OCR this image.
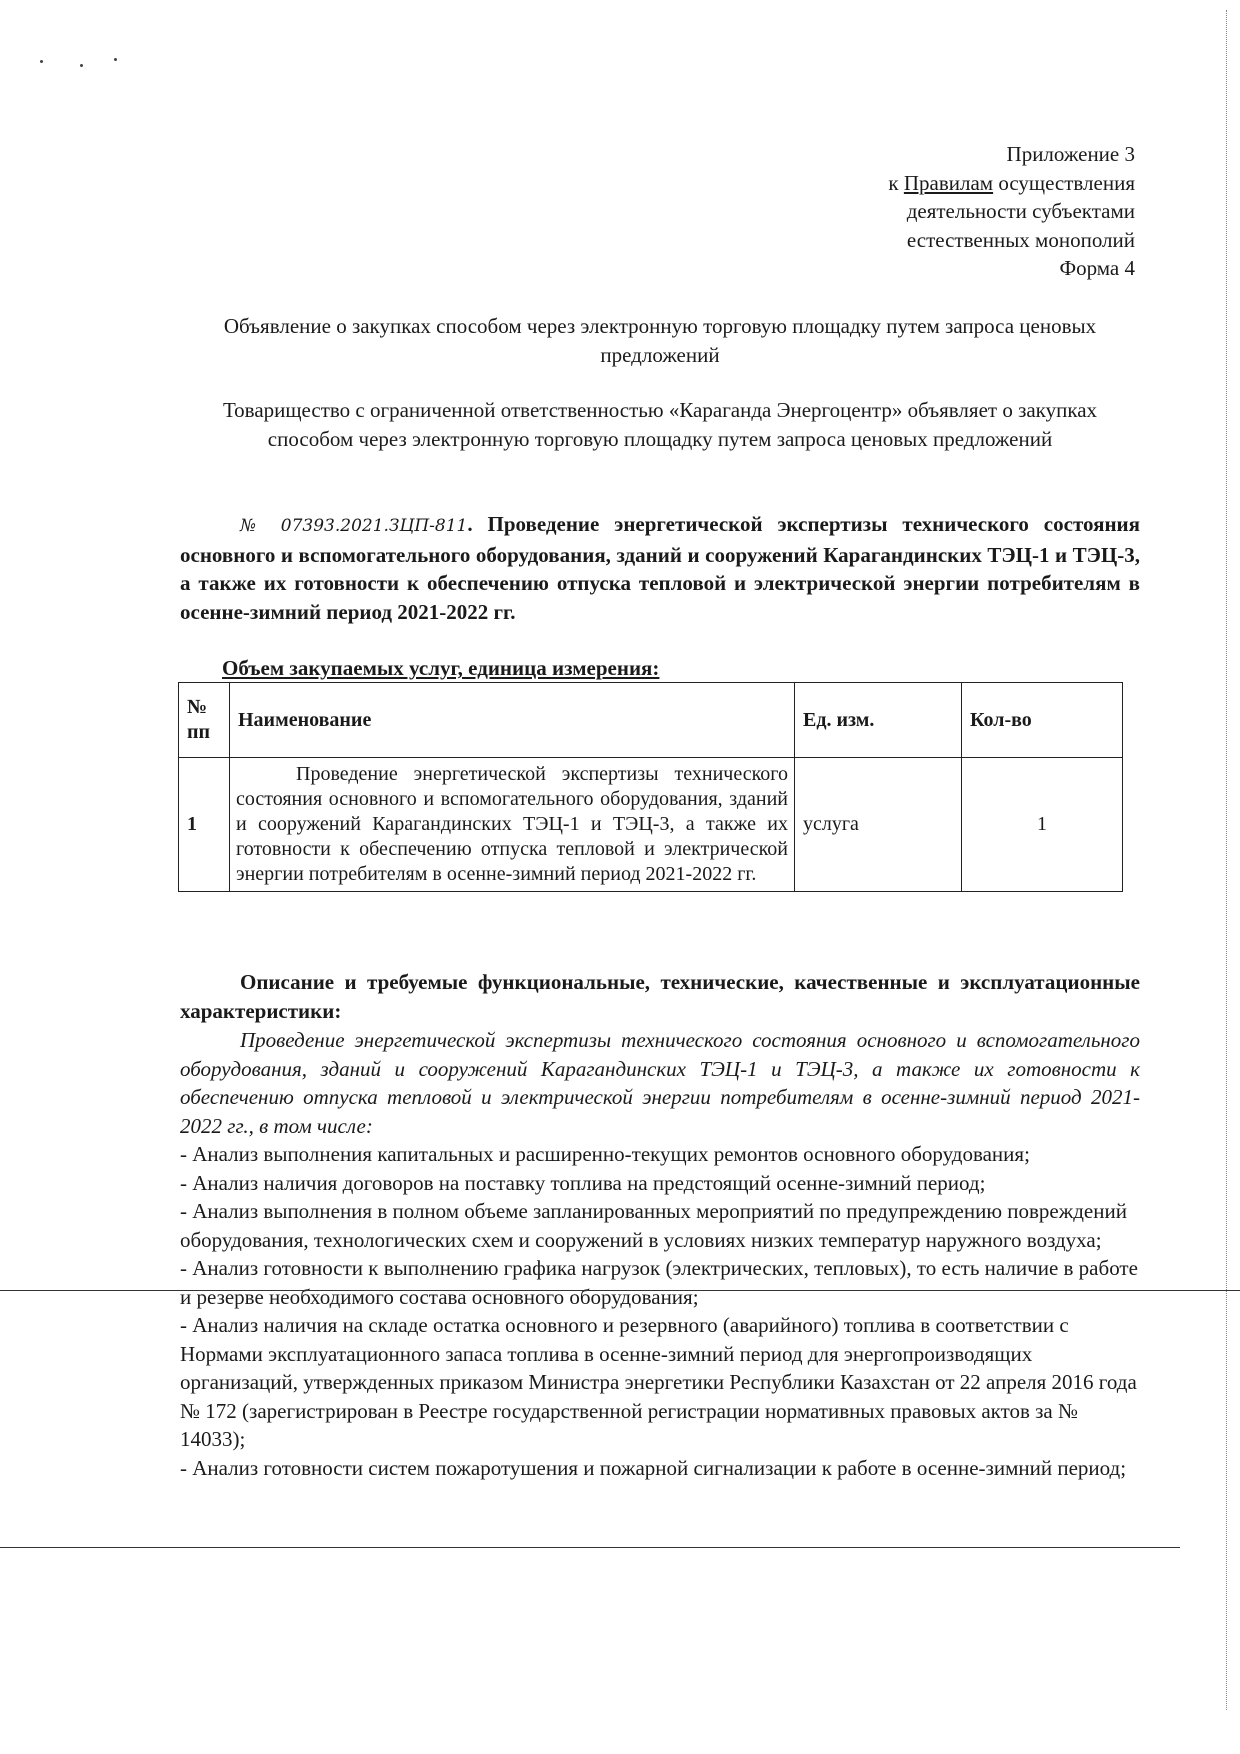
Приложение 3
к Правилам осуществления
деятельности субъектами
естественных монополий
Форма 4
Объявление о закупках способом через электронную торговую площадку путем запроса ценовых предложений
Товарищество с ограниченной ответственностью «Караганда Энергоцентр» объявляет о закупках способом через электронную торговую площадку путем запроса ценовых предложений
№ 07393.2021.ЗЦП-811. Проведение энергетической экспертизы технического состояния основного и вспомогательного оборудования, зданий и сооружений Карагандинских ТЭЦ-1 и ТЭЦ-3, а также их готовности к обеспечению отпуска тепловой и электрической энергии потребителям в осенне-зимний период 2021-2022 гг.
Объем закупаемых услуг, единица измерения:
№ пп	Наименование	Ед. изм.	Кол-во
1	Проведение энергетической экспертизы технического состояния основного и вспомогательного оборудования, зданий и сооружений Карагандинских ТЭЦ-1 и ТЭЦ-3, а также их готовности к обеспечению отпуска тепловой и электрической энергии потребителям в осенне-зимний период 2021-2022 гг.	услуга	1
Описание и требуемые функциональные, технические, качественные и эксплуатационные характеристики:
Проведение энергетической экспертизы технического состояния основного и вспомогательного оборудования, зданий и сооружений Карагандинских ТЭЦ-1 и ТЭЦ-3, а также их готовности к обеспечению отпуска тепловой и электрической энергии потребителям в осенне-зимний период 2021-2022 гг., в том числе:
- Анализ выполнения капитальных и расширенно-текущих ремонтов основного оборудования;
- Анализ наличия договоров на поставку топлива на предстоящий осенне-зимний период;
- Анализ выполнения в полном объеме запланированных мероприятий по предупреждению повреждений оборудования, технологических схем и сооружений в условиях низких температур наружного воздуха;
- Анализ готовности к выполнению графика нагрузок (электрических, тепловых), то есть наличие в работе и резерве необходимого состава основного оборудования;
- Анализ наличия на складе остатка основного и резервного (аварийного) топлива в соответствии с Нормами эксплуатационного запаса топлива в осенне-зимний период для энергопроизводящих организаций, утвержденных приказом Министра энергетики Республики Казахстан от 22 апреля 2016 года № 172 (зарегистрирован в Реестре государственной регистрации нормативных правовых актов за № 14033);
- Анализ готовности систем пожаротушения и пожарной сигнализации к работе в осенне-зимний период;
